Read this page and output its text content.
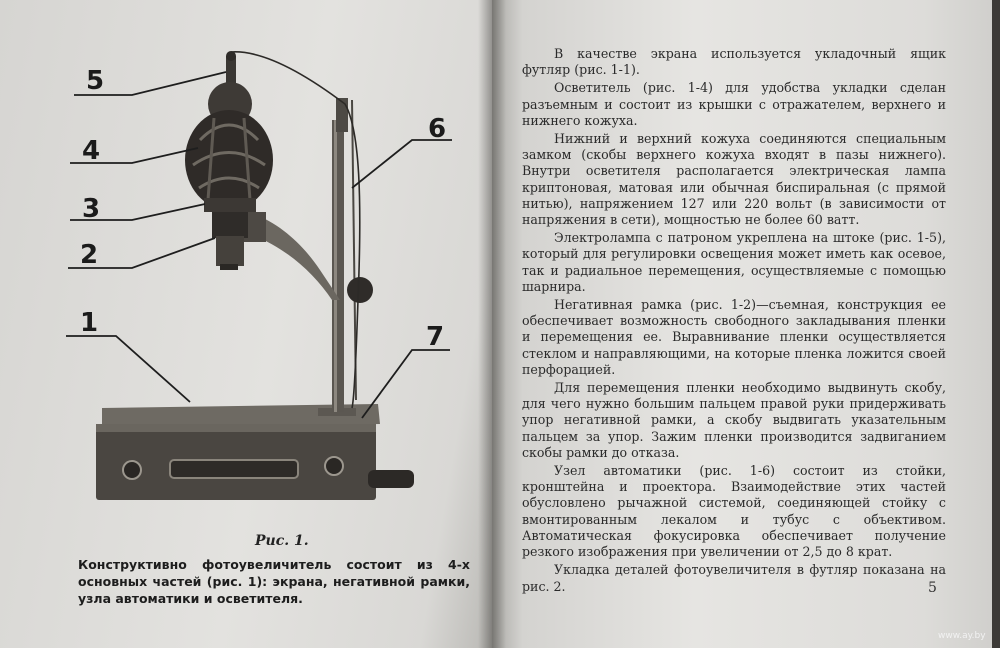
5
4
3
2
1
6
7
Рис. 1.

Конструктивно фотоувеличитель состоит из 4-х основных частей (рис. 1): экрана, негативной рамки, узла автоматики и осветителя.

В качестве экрана используется укладочный ящик футляр (рис. 1-1).

Осветитель (рис. 1-4) для удобства укладки сделан разъемным и состоит из крышки с отражателем, верхнего и нижнего кожуха.

Нижний и верхний кожуха соединяются специальным замком (скобы верхнего кожуха входят в пазы нижнего). Внутри осветителя располагается электрическая лампа криптоновая, матовая или обычная биспиральная (с прямой нитью), напряжением 127 или 220 вольт (в зависимости от напряжения в сети), мощностью не более 60 ватт.

Электролампа с патроном укреплена на штоке (рис. 1-5), который для регулировки освещения может иметь как осевое, так и радиальное перемещения, осуществляемые с помощью шарнира.

Негативная рамка (рис. 1-2)—съемная, конструкция ее обеспечивает возможность свободного закладывания пленки и перемещения ее. Выравнивание пленки осуществляется стеклом и направляющими, на которые пленка ложится своей перфорацией.

Для перемещения пленки необходимо выдвинуть скобу, для чего нужно большим пальцем правой руки придерживать упор негативной рамки, а скобу выдвигать указательным пальцем за упор. Зажим пленки производится задвиганием скобы рамки до отказа.

Узел автоматики (рис. 1-6) состоит из стойки, кронштейна и проектора. Взаимодействие этих частей обусловлено рычажной системой, соединяющей стойку с вмонтированным лекалом и тубус с объективом. Автоматическая фокусировка обеспечивает получение резкого изображения при увеличении от 2,5 до 8 крат.

Укладка деталей фотоувеличителя в футляр показана на рис. 2.	5
www.ay.by
